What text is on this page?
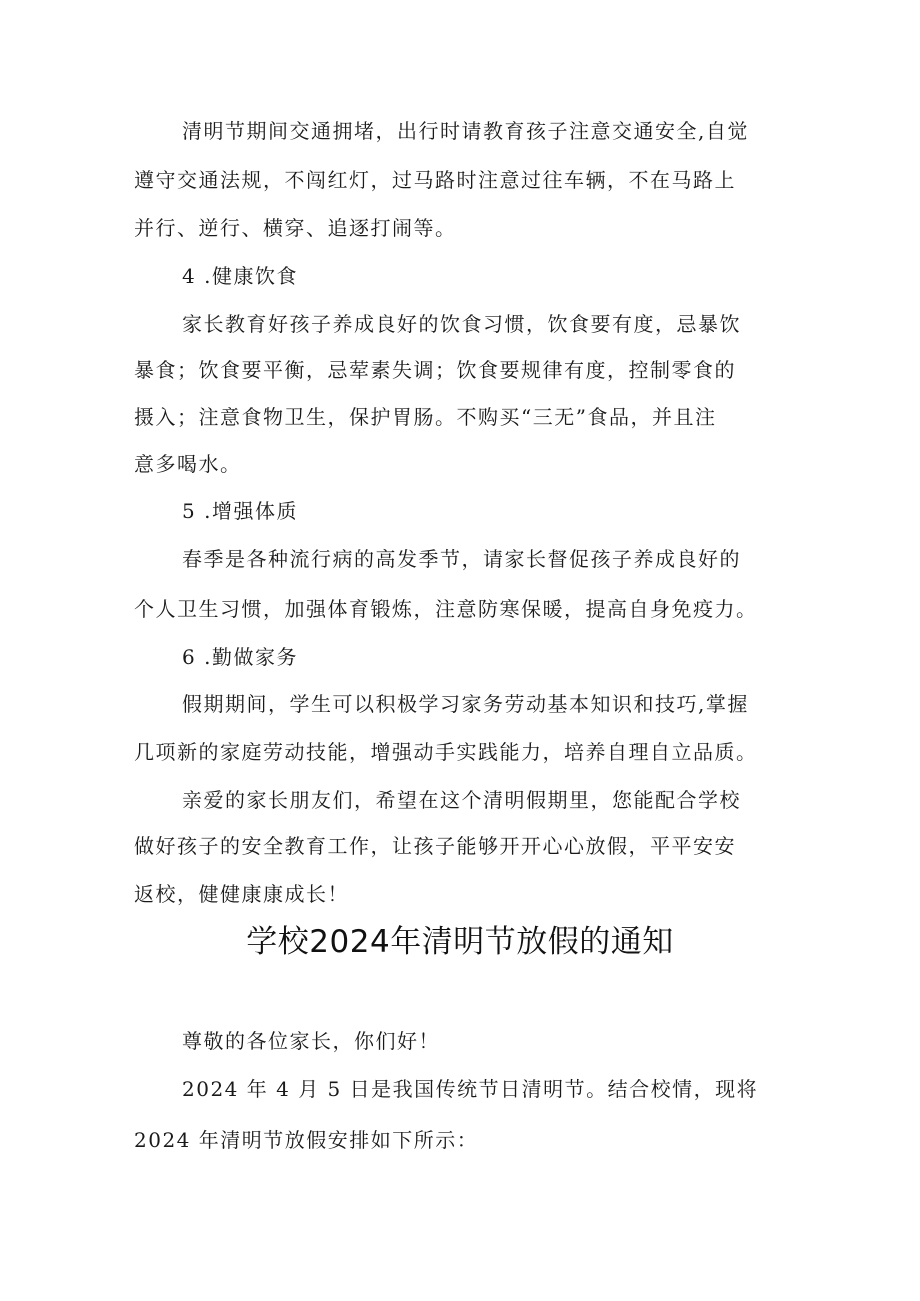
清明节期间交通拥堵，出行时请教育孩子注意交通安全,自觉
遵守交通法规，不闯红灯，过马路时注意过往车辆，不在马路上
并行、逆行、横穿、追逐打闹等。
4 .健康饮食
家长教育好孩子养成良好的饮食习惯，饮食要有度，忌暴饮
暴食；饮食要平衡，忌荤素失调；饮食要规律有度，控制零食的
摄入；注意食物卫生，保护胃肠。不购买“三无”食品，并且注
意多喝水。
5 .增强体质
春季是各种流行病的高发季节，请家长督促孩子养成良好的
个人卫生习惯，加强体育锻炼，注意防寒保暖，提高自身免疫力。
6 .勤做家务
假期期间，学生可以积极学习家务劳动基本知识和技巧,掌握
几项新的家庭劳动技能，增强动手实践能力，培养自理自立品质。
亲爱的家长朋友们，希望在这个清明假期里，您能配合学校
做好孩子的安全教育工作，让孩子能够开开心心放假，平平安安
返校，健健康康成长！
学校2024年清明节放假的通知
尊敬的各位家长，你们好！
2024 年 4 月 5 日是我国传统节日清明节。结合校情，现将
2024 年清明节放假安排如下所示：
